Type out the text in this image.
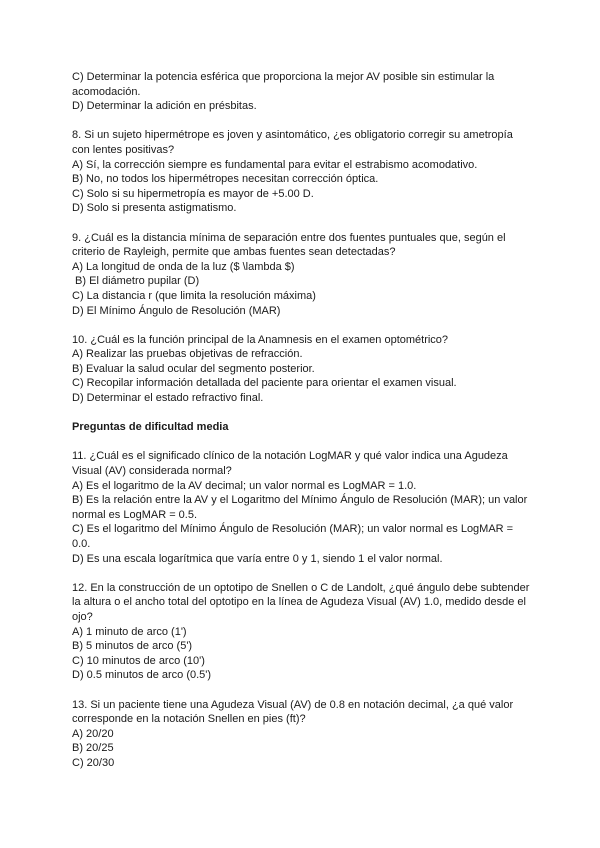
C) Determinar la potencia esférica que proporciona la mejor AV posible sin estimular la acomodación.
D) Determinar la adición en présbitas.
8. Si un sujeto hipermétrope es joven y asintomático, ¿es obligatorio corregir su ametropía con lentes positivas?
A) Sí, la corrección siempre es fundamental para evitar el estrabismo acomodativo.
B) No, no todos los hipermétropes necesitan corrección óptica.
C) Solo si su hipermetropía es mayor de +5.00 D.
D) Solo si presenta astigmatismo.
9. ¿Cuál es la distancia mínima de separación entre dos fuentes puntuales que, según el criterio de Rayleigh, permite que ambas fuentes sean detectadas?
A) La longitud de onda de la luz ($ \lambda $)
B) El diámetro pupilar (D)
C) La distancia r (que limita la resolución máxima)
D) El Mínimo Ángulo de Resolución (MAR)
10. ¿Cuál es la función principal de la Anamnesis en el examen optométrico?
A) Realizar las pruebas objetivas de refracción.
B) Evaluar la salud ocular del segmento posterior.
C) Recopilar información detallada del paciente para orientar el examen visual.
D) Determinar el estado refractivo final.
Preguntas de dificultad media
11. ¿Cuál es el significado clínico de la notación LogMAR y qué valor indica una Agudeza Visual (AV) considerada normal?
A) Es el logaritmo de la AV decimal; un valor normal es LogMAR = 1.0.
B) Es la relación entre la AV y el Logaritmo del Mínimo Ángulo de Resolución (MAR); un valor normal es LogMAR = 0.5.
C) Es el logaritmo del Mínimo Ángulo de Resolución (MAR); un valor normal es LogMAR = 0.0.
D) Es una escala logarítmica que varía entre 0 y 1, siendo 1 el valor normal.
12. En la construcción de un optotipo de Snellen o C de Landolt, ¿qué ángulo debe subtender la altura o el ancho total del optotipo en la línea de Agudeza Visual (AV) 1.0, medido desde el ojo?
A) 1 minuto de arco (1')
B) 5 minutos de arco (5')
C) 10 minutos de arco (10')
D) 0.5 minutos de arco (0.5')
13. Si un paciente tiene una Agudeza Visual (AV) de 0.8 en notación decimal, ¿a qué valor corresponde en la notación Snellen en pies (ft)?
A) 20/20
B) 20/25
C) 20/30
